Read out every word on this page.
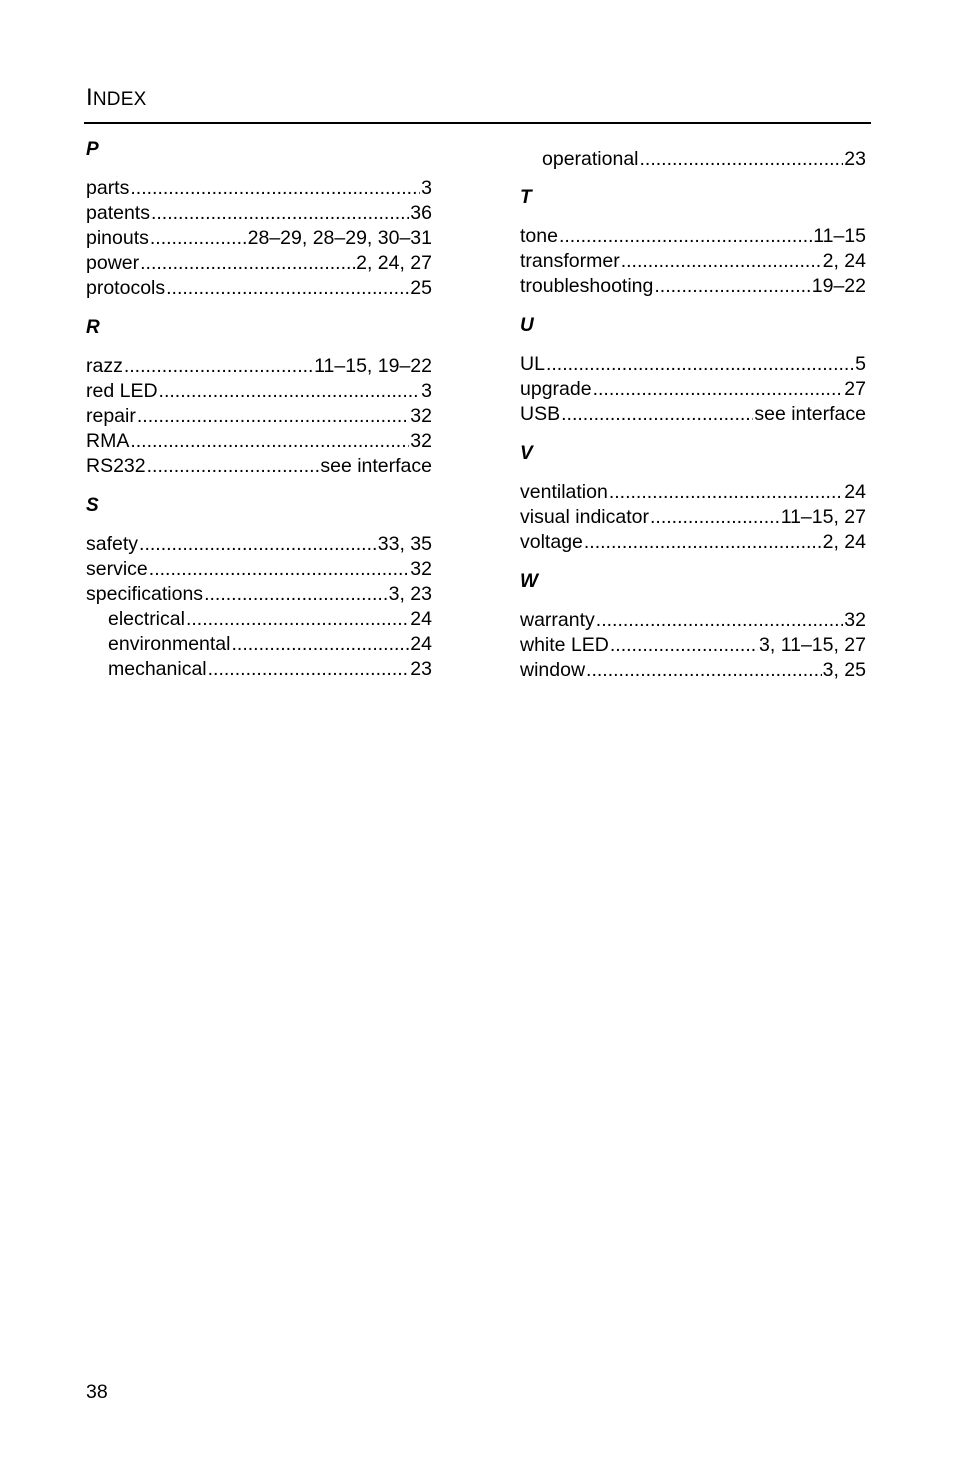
INDEX
P
parts .....	3
patents .....	36
pinouts .....	28–29, 28–29, 30–31
power .....	2, 24, 27
protocols .....	25
R
razz .....	11–15, 19–22
red LED .....	3
repair .....	32
RMA .....	32
RS232 .....	see interface
S
safety .....	33, 35
service .....	32
specifications .....	3, 23
electrical .....	24
environmental .....	24
mechanical .....	23
operational .....	23
T
tone .....	11–15
transformer .....	2, 24
troubleshooting .....	19–22
U
UL .....	5
upgrade .....	27
USB .....	see interface
V
ventilation .....	24
visual indicator .....	11–15, 27
voltage .....	2, 24
W
warranty .....	32
white LED .....	3, 11–15, 27
window .....	3, 25
38
